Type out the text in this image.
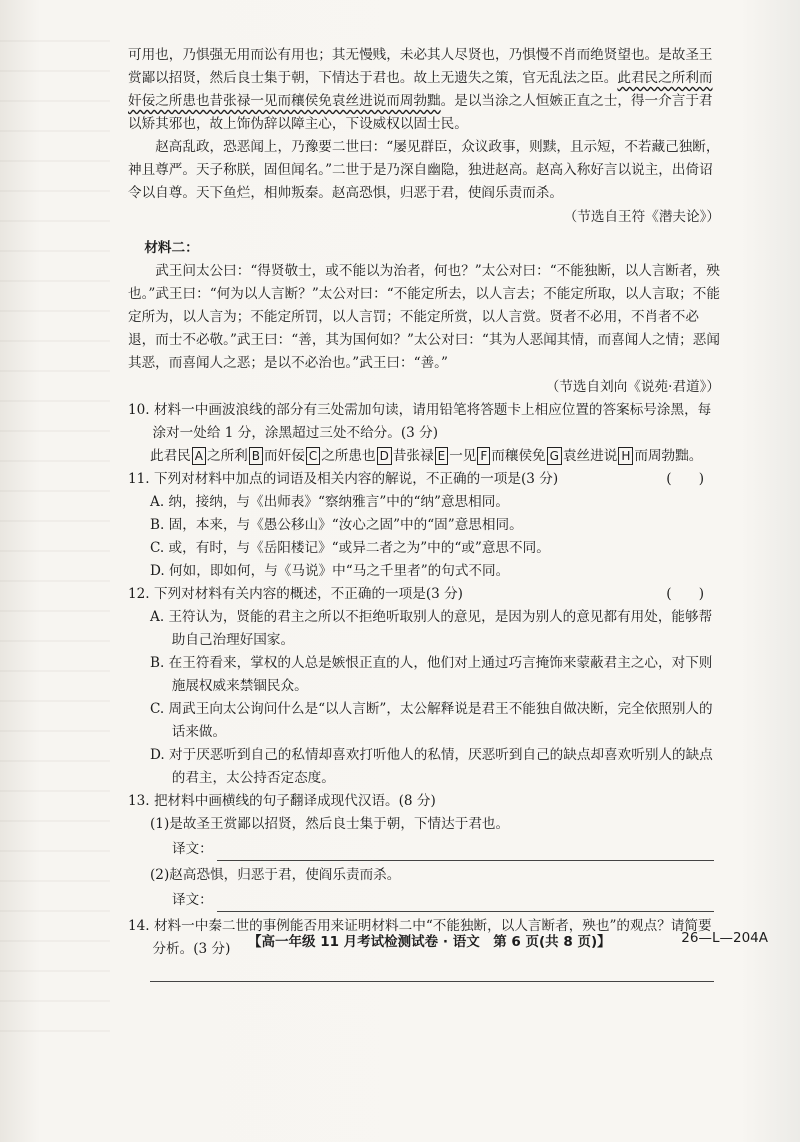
可用也，乃惧强无用而讼有用也；其无慢贱，未必其人尽贤也，乃惧慢不肖而绝贤望也。是故圣王赏鄙以招贤，然后良士集于朝，下情达于君也。故上无遗失之策，官无乱法之臣。此君民之所利而奸佞之所患也昔张禄一见而穰侯免袁丝进说而周勃黜。是以当涂之人恒嫉正直之士，得一介言于君以矫其邪也，故上饰伪辞以障主心，下设威权以固士民。

赵高乱政，恐恶闻上，乃豫要二世曰：“屡见群臣，众议政事，则黩，且示短，不若藏己独断，神且尊严。天子称朕，固但闻名。”二世于是乃深自幽隐，独进赵高。赵高入称好言以说主，出倚诏令以自尊。天下鱼烂，相帅叛秦。赵高恐惧，归恶于君，使阎乐责而杀。

（节选自王符《潜夫论》）

材料二：

武王问太公曰：“得贤敬士，或不能以为治者，何也？”太公对曰：“不能独断，以人言断者，殃也。”武王曰：“何为以人言断？”太公对曰：“不能定所去，以人言去；不能定所取，以人言取；不能定所为，以人言为；不能定所罚，以人言罚；不能定所赏，以人言赏。贤者不必用，不肖者不必退，而士不必敬。”武王曰：“善，其为国何如？”太公对曰：“其为人恶闻其情，而喜闻人之情；恶闻其恶，而喜闻人之恶；是以不必治也。”武王曰：“善。”

（节选自刘向《说苑·君道》）

10. 材料一中画波浪线的部分有三处需加句读，请用铅笔将答题卡上相应位置的答案标号涂黑，每涂对一处给 1 分，涂黑超过三处不给分。(3 分)

此君民 A 之所利 B 而奸佞 C 之所患也 D 昔张禄 E 一见 F 而穰侯免 G 袁丝进说 H 而周勃黜。

11. 下列对材料中加点的词语及相关内容的解说，不正确的一项是(3 分)	(　　)

A. 纳，接纳，与《出师表》“察纳雅言”中的“纳”意思相同。

B. 固，本来，与《愚公移山》“汝心之固”中的“固”意思相同。

C. 或，有时，与《岳阳楼记》“或异二者之为”中的“或”意思不同。

D. 何如，即如何，与《马说》中“马之千里者”的句式不同。

12. 下列对材料有关内容的概述，不正确的一项是(3 分)	(　　)

A. 王符认为，贤能的君主之所以不拒绝听取别人的意见，是因为别人的意见都有用处，能够帮助自己治理好国家。

B. 在王符看来，掌权的人总是嫉恨正直的人，他们对上通过巧言掩饰来蒙蔽君主之心，对下则施展权威来禁锢民众。

C. 周武王向太公询问什么是“以人言断”，太公解释说是君王不能独自做决断，完全依照别人的话来做。

D. 对于厌恶听到自己的私情却喜欢打听他人的私情，厌恶听到自己的缺点却喜欢听别人的缺点的君主，太公持否定态度。

13. 把材料中画横线的句子翻译成现代汉语。(8 分)

(1)是故圣王赏鄙以招贤，然后良士集于朝，下情达于君也。

译文：

(2)赵高恐惧，归恶于君，使阎乐责而杀。

译文：

14. 材料一中秦二世的事例能否用来证明材料二中“不能独断，以人言断者，殃也”的观点？请简要分析。(3 分)	【高一年级 11 月考试检测试卷 · 语文　第 6 页(共 8 页)】	26—L—204A
